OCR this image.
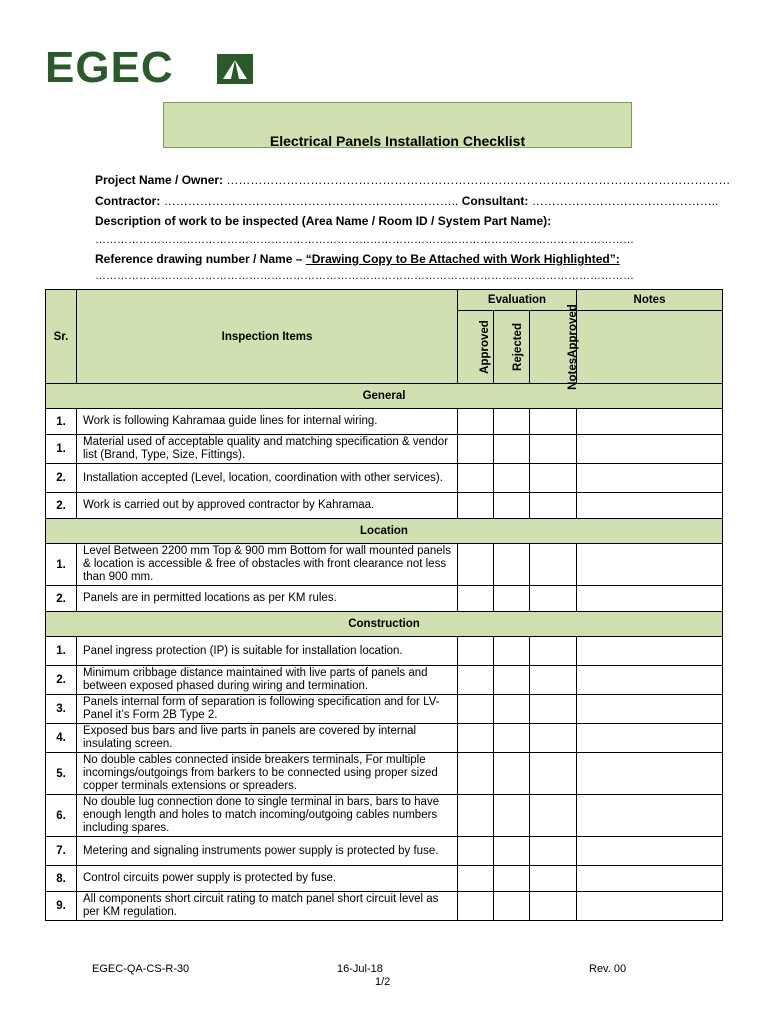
EGEC
Electrical Panels Installation Checklist
Project Name / Owner: ………………………………………………………………………………………………………………
Contractor: ……………………………………………………………….. Consultant: ………………………………………..
Description of work to be inspected (Area Name / Room ID / System Part Name):
…………………………………………………………………………………………………………………………………
Reference drawing number / Name – “Drawing Copy to Be Attached with Work Highlighted”:
…………………………………………………………………………………………………………………………………
Sr.	Inspection Items	Evaluation			Notes
		Approved	Rejected	NotesApproved	
General					
1.	Work is following Kahramaa guide lines for internal wiring.				
1.	Material used of acceptable quality and matching specification & vendor list (Brand, Type, Size, Fittings).				
2.	Installation accepted (Level, location, coordination with other services).				
2.	Work is carried out by approved contractor by Kahramaa.				
Location					
1.	Level Between 2200 mm Top & 900 mm Bottom for wall mounted panels & location is accessible & free of obstacles with front clearance not less than 900 mm.				
2.	Panels are in permitted locations as per KM rules.				
Construction					
1.	Panel ingress protection (IP) is suitable for installation location.				
2.	Minimum cribbage distance maintained with live parts of panels and between exposed phased during wiring and termination.				
3.	Panels internal form of separation is following specification and for LV-Panel it’s Form 2B Type 2.				
4.	Exposed bus bars and live parts in panels are covered by internal insulating screen.				
5.	No double cables connected inside breakers terminals, For multiple incomings/outgoings from barkers to be connected using proper sized copper terminals extensions or spreaders.				
6.	No double lug connection done to single terminal in bars, bars to have enough length and holes to match incoming/outgoing cables numbers including spares.				
7.	Metering and signaling instruments power supply is protected by fuse.				
8.	Control circuits power supply is protected by fuse.				
9.	All components short circuit rating to match panel short circuit level as per KM regulation.				
EGEC-QA-CS-R-30	16-Jul-18	Rev. 00
1/2
